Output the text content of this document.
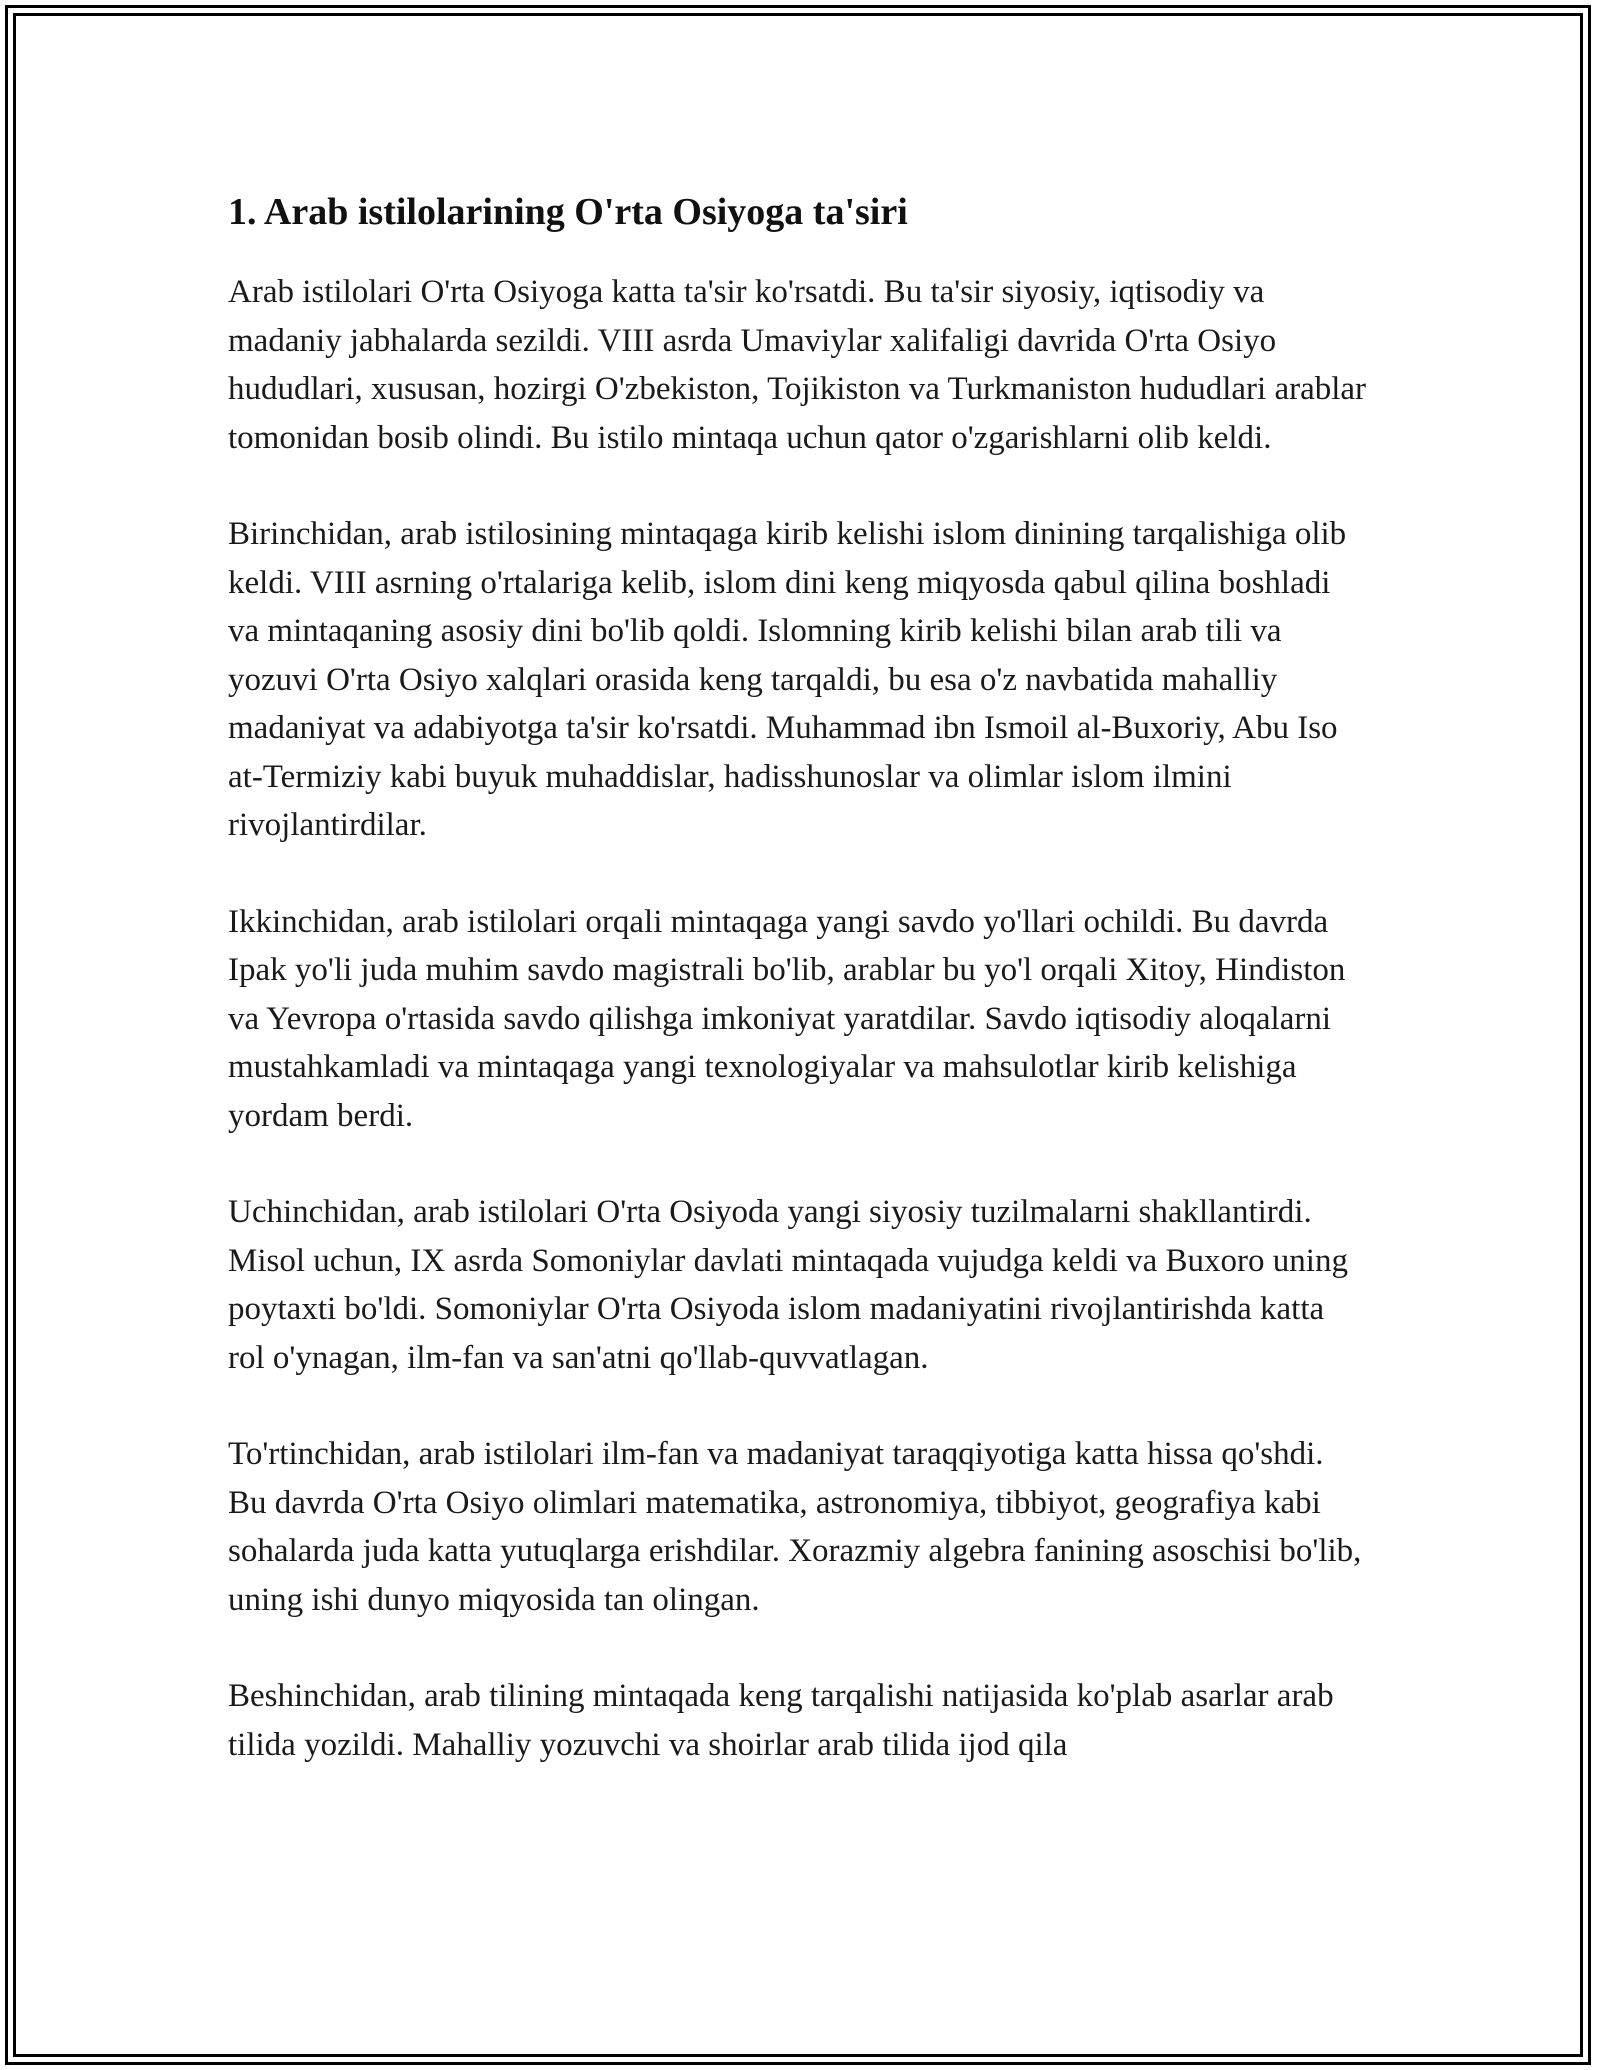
1. Arab istilolarining O'rta Osiyoga ta'siri

Arab istilolari O'rta Osiyoga katta ta'sir ko'rsatdi. Bu ta'sir siyosiy, iqtisodiy va madaniy jabhalarda sezildi. VIII asrda Umaviylar xalifaligi davrida O'rta Osiyo hududlari, xususan, hozirgi O'zbekiston, Tojikiston va Turkmaniston hududlari arablar tomonidan bosib olindi. Bu istilo mintaqa uchun qator o'zgarishlarni olib keldi.

Birinchidan, arab istilosining mintaqaga kirib kelishi islom dinining tarqalishiga olib keldi. VIII asrning o'rtalariga kelib, islom dini keng miqyosda qabul qilina boshladi va mintaqaning asosiy dini bo'lib qoldi. Islomning kirib kelishi bilan arab tili va yozuvi O'rta Osiyo xalqlari orasida keng tarqaldi, bu esa o'z navbatida mahalliy madaniyat va adabiyotga ta'sir ko'rsatdi. Muhammad ibn Ismoil al-Buxoriy, Abu Iso at-Termiziy kabi buyuk muhaddislar, hadisshunoslar va olimlar islom ilmini rivojlantirdilar.

Ikkinchidan, arab istilolari orqali mintaqaga yangi savdo yo'llari ochildi. Bu davrda Ipak yo'li juda muhim savdo magistrali bo'lib, arablar bu yo'l orqali Xitoy, Hindiston va Yevropa o'rtasida savdo qilishga imkoniyat yaratdilar. Savdo iqtisodiy aloqalarni mustahkamladi va mintaqaga yangi texnologiyalar va mahsulotlar kirib kelishiga yordam berdi.

Uchinchidan, arab istilolari O'rta Osiyoda yangi siyosiy tuzilmalarni shakllantirdi. Misol uchun, IX asrda Somoniylar davlati mintaqada vujudga keldi va Buxoro uning poytaxti bo'ldi. Somoniylar O'rta Osiyoda islom madaniyatini rivojlantirishda katta rol o'ynagan, ilm-fan va san'atni qo'llab-quvvatlagan.

To'rtinchidan, arab istilolari ilm-fan va madaniyat taraqqiyotiga katta hissa qo'shdi. Bu davrda O'rta Osiyo olimlari matematika, astronomiya, tibbiyot, geografiya kabi sohalarda juda katta yutuqlarga erishdilar. Xorazmiy algebra fanining asoschisi bo'lib, uning ishi dunyo miqyosida tan olingan.

Beshinchidan, arab tilining mintaqada keng tarqalishi natijasida ko'plab asarlar arab tilida yozildi. Mahalliy yozuvchi va shoirlar arab tilida ijod qila
